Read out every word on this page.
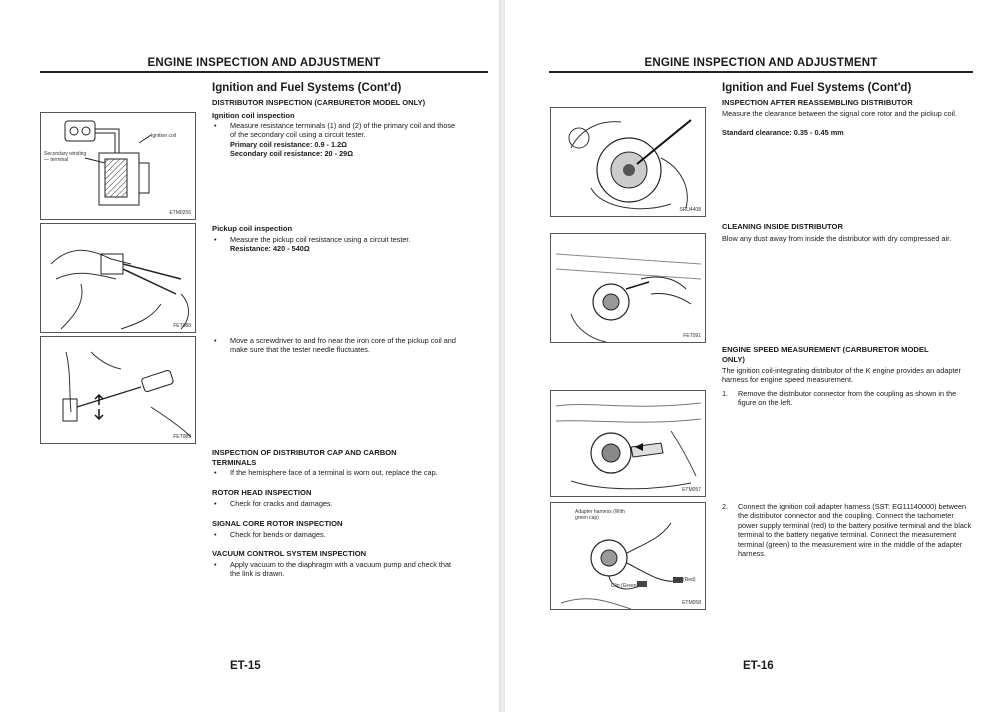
ENGINE INSPECTION AND ADJUSTMENT
Ignition and Fuel Systems (Cont'd)
DISTRIBUTOR INSPECTION (CARBURETOR MODEL ONLY)
Ignition coil
Secondary winding — terminal
ETM0256
Ignition coil inspection
• Measure resistance terminals (1) and (2) of the primary coil and those of the secondary coil using a circuit tester.
Primary coil resistance: 0.9 - 1.2Ω
Secondary coil resistance: 20 - 29Ω
FET088
Pickup coil inspection
• Measure the pickup coil resistance using a circuit tester.
Resistance: 420 - 540Ω
FET089
• Move a screwdriver to and fro near the iron core of the pickup coil and make sure that the tester needle fluctuates.
INSPECTION OF DISTRIBUTOR CAP AND CARBON TERMINALS
• If the hemisphere face of a terminal is worn out, replace the cap.
ROTOR HEAD INSPECTION
• Check for cracks and damages.
SIGNAL CORE ROTOR INSPECTION
• Check for bends or damages.
VACUUM CONTROL SYSTEM INSPECTION
• Apply vacuum to the diaphragm with a vacuum pump and check that the link is drawn.
ET-15
ENGINE INSPECTION AND ADJUSTMENT
Ignition and Fuel Systems (Cont'd)
INSPECTION AFTER REASSEMBLING DISTRIBUTOR
SRU4408
Measure the clearance between the signal core rotor and the pickup coil.
Standard clearance: 0.35 - 0.45 mm
FET091
CLEANING INSIDE DISTRIBUTOR
Blow any dust away from inside the distributor with dry compressed air.
ENGINE SPEED MEASUREMENT (CARBURETOR MODEL ONLY)
The ignition coil-integrating distributor of the K engine provides an adapter harness for engine speed measurement.
1. Remove the distributor connector from the coupling as shown in the figure on the left.
ETM057
Adapter harness (With green cap)
Clip (Green)
Clip (Red)
ETM058
2. Connect the ignition coil adapter harness (SST: EG11140000) between the distributor connector and the coupling. Connect the tachometer power supply terminal (red) to the battery positive terminal and the black terminal to the battery negative terminal. Connect the measurement terminal (green) to the measurement wire in the middle of the adapter harness.
ET-16
